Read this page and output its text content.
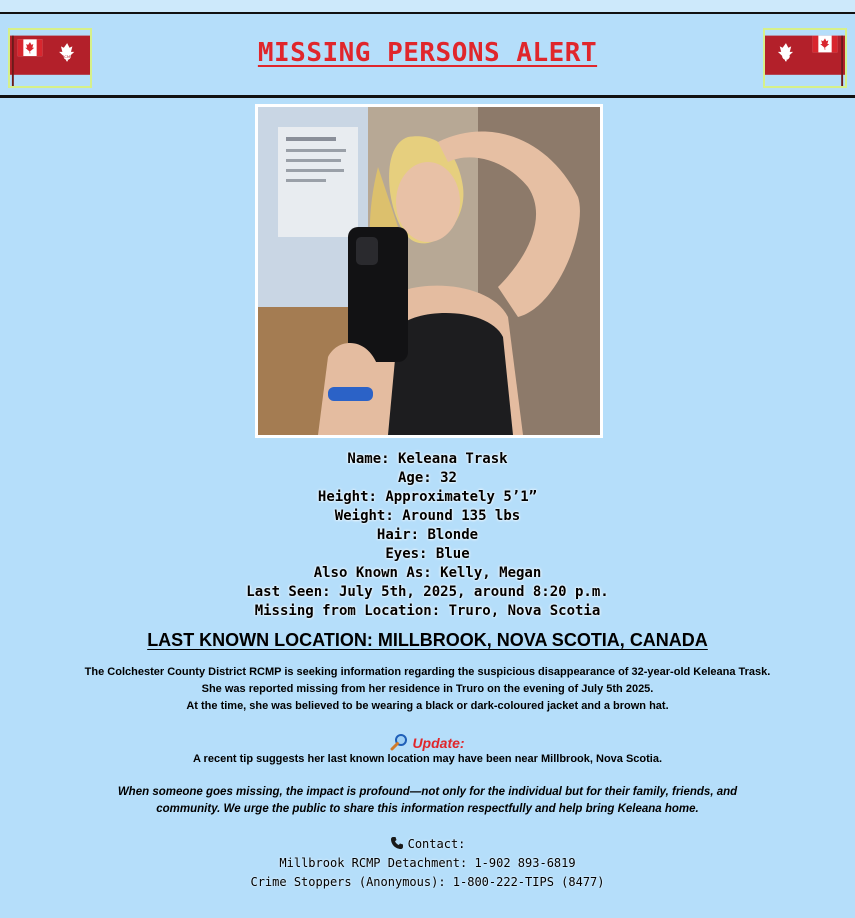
RCMP	MISSING PERSONS ALERT
Name: Keleana Trask
Age: 32
Height: Approximately 5’1”
Weight: Around 135 lbs
Hair: Blonde
Eyes: Blue
Also Known As: Kelly, Megan
Last Seen: July 5th, 2025, around 8:20 p.m.
Missing from Location: Truro, Nova Scotia
LAST KNOWN LOCATION: MILLBROOK, NOVA SCOTIA, CANADA
The Colchester County District RCMP is seeking information regarding the suspicious disappearance of 32-year-old Keleana Trask.
She was reported missing from her residence in Truro on the evening of July 5th 2025.
At the time, she was believed to be wearing a black or dark-coloured jacket and a brown hat.
Update:
A recent tip suggests her last known location may have been near Millbrook, Nova Scotia.
When someone goes missing, the impact is profound—not only for the individual but for their family, friends, and community. We urge the public to share this information respectfully and help bring Keleana home.
Contact:
Millbrook RCMP Detachment: 1-902 893-6819
Crime Stoppers (Anonymous): 1-800-222-TIPS (8477)
